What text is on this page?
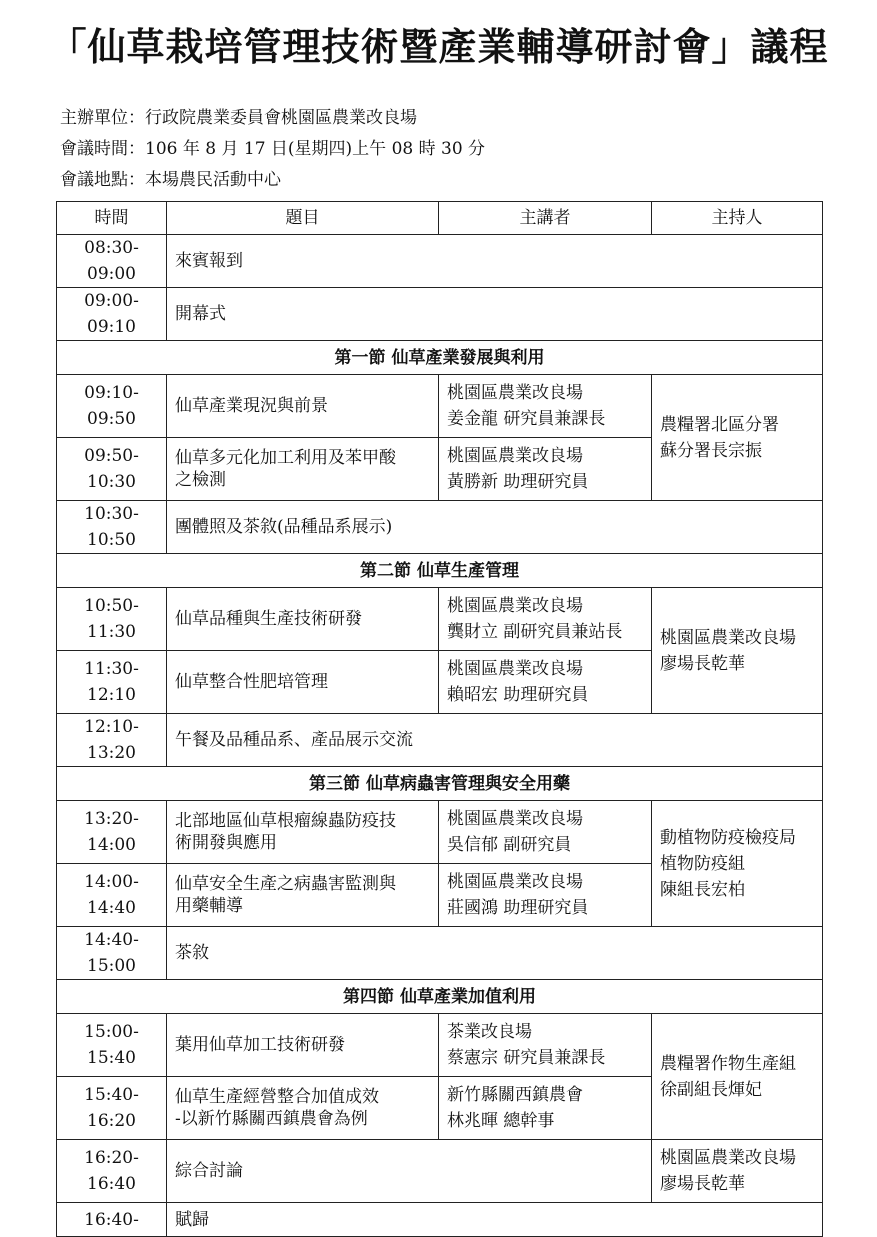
「仙草栽培管理技術暨產業輔導研討會」議程
主辦單位：行政院農業委員會桃園區農業改良場
會議時間：106 年 8 月 17 日(星期四)上午 08 時 30 分
會議地點：本場農民活動中心
時間	題目	主講者	主持人
08:30-09:00	來賓報到		
09:00-09:10	開幕式		
第一節 仙草產業發展與利用			
09:10-09:50	仙草產業現況與前景	桃園區農業改良場
姜金龍 研究員兼課長	農糧署北區分署
蘇分署長宗振

09:50-10:30	仙草多元化加工利用及苯甲酸
之檢測	桃園區農業改良場
黃勝新 助理研究員	

10:30-10:50	團體照及茶敘(品種品系展示)		
第二節 仙草生產管理			
10:50-11:30	仙草品種與生產技術研發	桃園區農業改良場
龔財立 副研究員兼站長	桃園區農業改良場
廖場長乾華

11:30-12:10	仙草整合性肥培管理	桃園區農業改良場
賴昭宏 助理研究員	

12:10-13:20	午餐及品種品系、產品展示交流		
第三節 仙草病蟲害管理與安全用藥			
13:20-14:00	北部地區仙草根瘤線蟲防疫技
術開發與應用	桃園區農業改良場
吳信郁 副研究員	動植物防疫檢疫局
植物防疫組
陳組長宏柏

14:00-14:40	仙草安全生產之病蟲害監測與
用藥輔導	桃園區農業改良場
莊國鴻 助理研究員	

14:40-15:00	茶敘		
第四節 仙草產業加值利用			
15:00-15:40	葉用仙草加工技術研發	茶業改良場
蔡憲宗 研究員兼課長	農糧署作物生產組
徐副組長煇妃

15:40-16:20	仙草生產經營整合加值成效
-以新竹縣關西鎮農會為例	新竹縣關西鎮農會
林兆暉 總幹事	

16:20-16:40	綜合討論		桃園區農業改良場
廖場長乾華

16:40-	賦歸		
